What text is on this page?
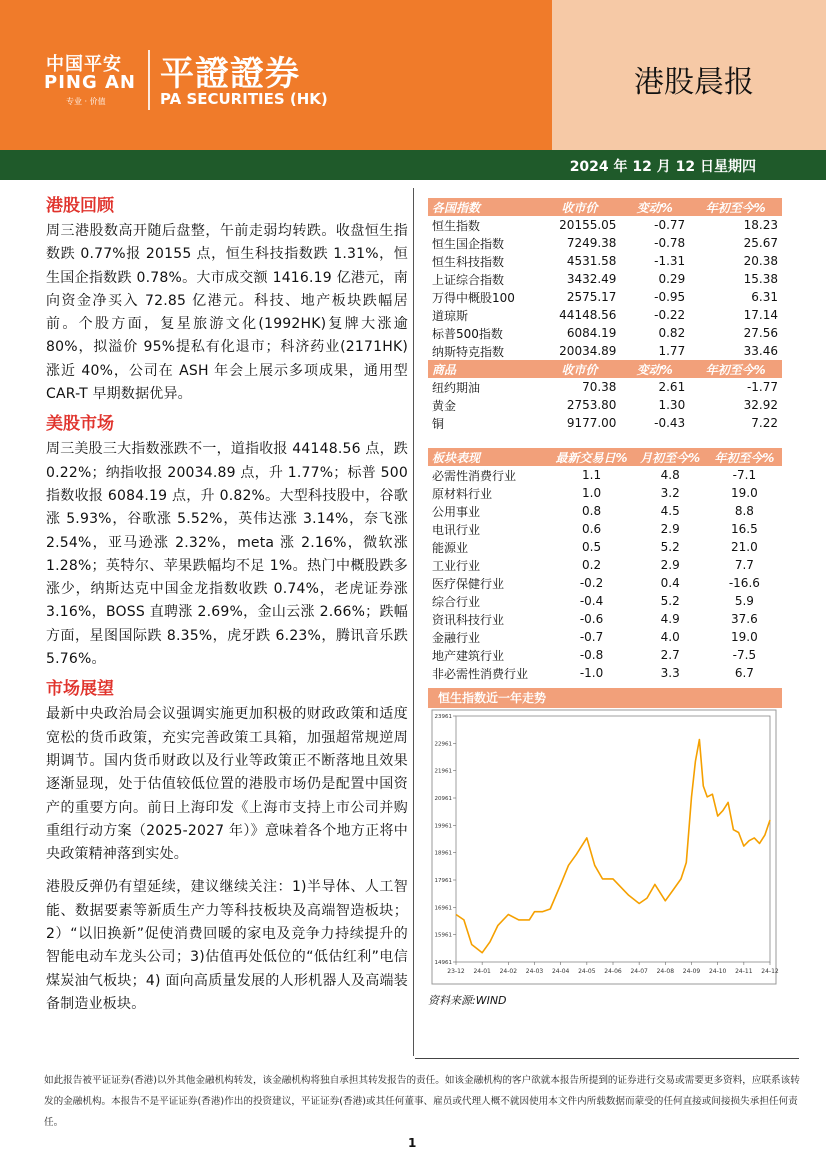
中国平安
PING AN
专业 · 价值
平證證券
PA SECURITIES (HK)	港股晨报
2024 年 12 月 12 日星期四
港股回顾

周三港股数高开随后盘整，午前走弱均转跌。收盘恒生指数跌 0.77%报 20155 点，恒生科技指数跌 1.31%，恒生国企指数跌 0.78%。大市成交额 1416.19 亿港元，南向资金净买入 72.85 亿港元。科技、地产板块跌幅居前。个股方面，复星旅游文化(1992HK)复牌大涨逾 80%，拟溢价 95%提私有化退市；科济药业(2171HK)涨近 40%，公司在 ASH 年会上展示多项成果，通用型 CAR-T 早期数据优异。

美股市场

周三美股三大指数涨跌不一，道指收报 44148.56 点，跌 0.22%；纳指收报 20034.89 点，升 1.77%；标普 500 指数收报 6084.19 点，升 0.82%。大型科技股中，谷歌涨 5.93%，谷歌涨 5.52%，英伟达涨 3.14%，奈飞涨 2.54%，亚马逊涨 2.32%，meta 涨 2.16%，微软涨 1.28%；英特尔、苹果跌幅均不足 1%。热门中概股跌多涨少，纳斯达克中国金龙指数收跌 0.74%，老虎证券涨 3.16%，BOSS 直聘涨 2.69%，金山云涨 2.66%；跌幅方面，星图国际跌 8.35%，虎牙跌 6.23%，腾讯音乐跌 5.76%。

市场展望

最新中央政治局会议强调实施更加积极的财政政策和适度宽松的货币政策，充实完善政策工具箱，加强超常规逆周期调节。国内货币财政以及行业等政策正不断落地且效果逐渐显现，处于估值较低位置的港股市场仍是配置中国资产的重要方向。前日上海印发《上海市支持上市公司并购重组行动方案（2025-2027 年）》意味着各个地方正将中央政策精神落到实处。

港股反弹仍有望延续，建议继续关注：1)半导体、人工智能、数据要素等新质生产力等科技板块及高端智造板块；2）“以旧换新”促使消费回暖的家电及竞争力持续提升的智能电动车龙头公司；3)估值再处低位的“低估红利”电信煤炭油气板块；4) 面向高质量发展的人形机器人及高端装备制造业板块。

各国指数	收市价	变动%	年初至今%
恒生指数	20155.05	-0.77	18.23
恒生国企指数	7249.38	-0.78	25.67
恒生科技指数	4531.58	-1.31	20.38
上证综合指数	3432.49	0.29	15.38
万得中概股100	2575.17	-0.95	6.31
道琼斯	44148.56	-0.22	17.14
标普500指数	6084.19	0.82	27.56
纳斯特克指数	20034.89	1.77	33.46
商品	收市价	变动%	年初至今%
纽约期油	70.38	2.61	-1.77
黄金	2753.80	1.30	32.92
铜	9177.00	-0.43	7.22
板块表现	最新交易日%	月初至今%	年初至今%
必需性消费行业	1.1	4.8	-7.1
原材料行业	1.0	3.2	19.0
公用事业	0.8	4.5	8.8
电讯行业	0.6	2.9	16.5
能源业	0.5	5.2	21.0
工业行业	0.2	2.9	7.7
医疗保健行业	-0.2	0.4	-16.6
综合行业	-0.4	5.2	5.9
资讯科技行业	-0.6	4.9	37.6
金融行业	-0.7	4.0	19.0
地产建筑行业	-0.8	2.7	-7.5
非必需性消费行业	-1.0	3.3	6.7
恒生指数近一年走势
14961
15961
16961
17961
18961
19961
20961
21961
22961
23961
23-12 24-01 24-02 24-03 24-04 24-05 24-06 24-07 24-08 24-09 24-10 24-11 24-12
资料来源:WIND
如此报告被平证证券(香港)以外其他金融机构转发，该金融机构将独自承担其转发报告的责任。如该金融机构的客户欲就本报告所提到的证券进行交易或需要更多资料，应联系该转发的金融机构。本报告不是平证证券(香港)作出的投资建议，平证证券(香港)或其任何董事、雇员或代理人概不就因使用本文件内所载数据而蒙受的任何直接或间接损失承担任何责任。
1
